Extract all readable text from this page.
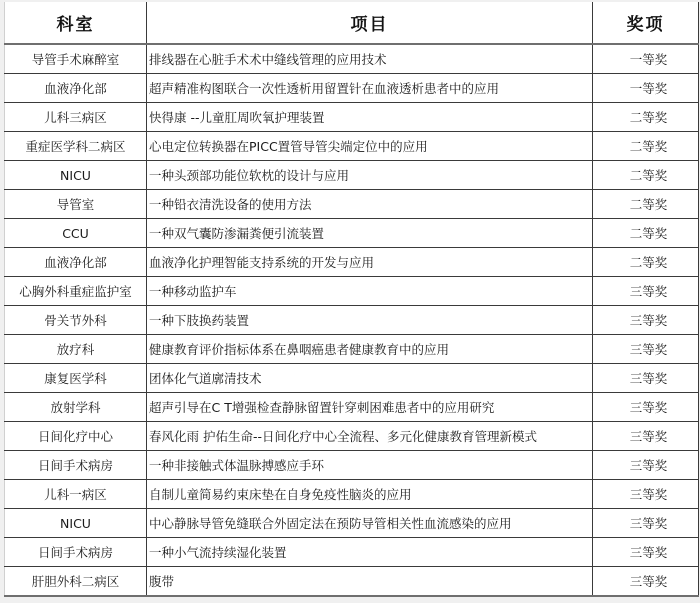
科室	项目	奖项
导管手术麻醉室	排线器在心脏手术术中缝线管理的应用技术	一等奖
血液净化部	超声精准构图联合一次性透析用留置针在血液透析患者中的应用	一等奖
儿科三病区	快得康 --儿童肛周吹氧护理装置	二等奖
重症医学科二病区	心电定位转换器在PICC置管导管尖端定位中的应用	二等奖
NICU	一种头颈部功能位软枕的设计与应用	二等奖
导管室	一种铅衣清洗设备的使用方法	二等奖
CCU	一种双气囊防渗漏粪便引流装置	二等奖
血液净化部	血液净化护理智能支持系统的开发与应用	二等奖
心胸外科重症监护室	一种移动监护车	三等奖
骨关节外科	一种下肢换药装置	三等奖
放疗科	健康教育评价指标体系在鼻咽癌患者健康教育中的应用	三等奖
康复医学科	团体化气道廓清技术	三等奖
放射学科	超声引导在C T增强检查静脉留置针穿刺困难患者中的应用研究	三等奖
日间化疗中心	春风化雨 护佑生命--日间化疗中心全流程、多元化健康教育管理新模式	三等奖
日间手术病房	一种非接触式体温脉搏感应手环	三等奖
儿科一病区	自制儿童简易约束床垫在自身免疫性脑炎的应用	三等奖
NICU	中心静脉导管免缝联合外固定法在预防导管相关性血流感染的应用	三等奖
日间手术病房	一种小气流持续湿化装置	三等奖
肝胆外科二病区	腹带	三等奖
